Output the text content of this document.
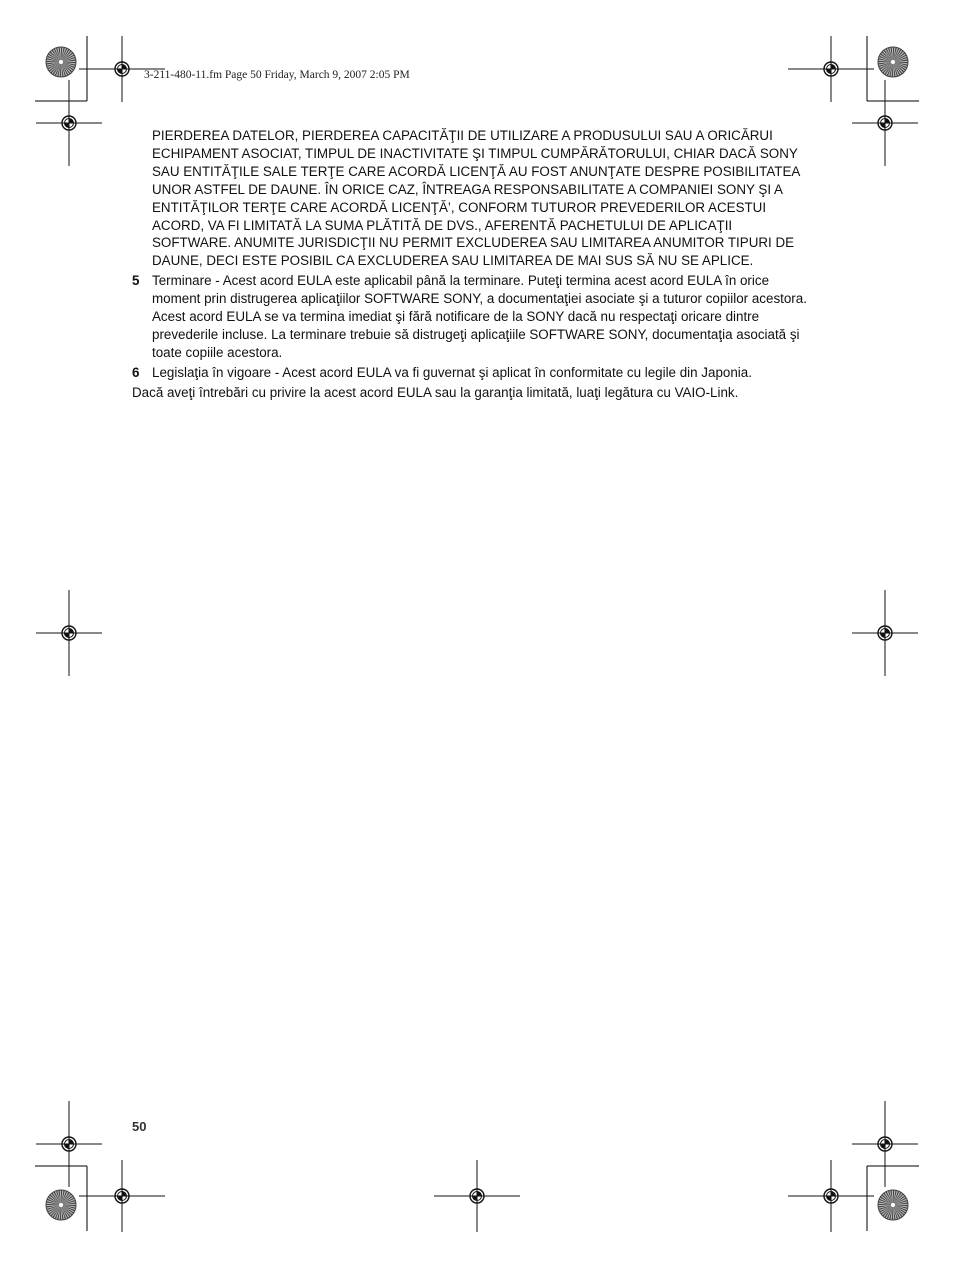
3-211-480-11.fm Page 50 Friday, March 9, 2007 2:05 PM

PIERDEREA DATELOR, PIERDEREA CAPACITĂŢII DE UTILIZARE A PRODUSULUI SAU A ORICĂRUI ECHIPAMENT ASOCIAT, TIMPUL DE INACTIVITATE ŞI TIMPUL CUMPĂRĂTORULUI, CHIAR DACĂ SONY SAU ENTITĂŢILE SALE TERŢE CARE ACORDĂ LICENŢĂ AU FOST ANUNŢATE DESPRE POSIBILITATEA UNOR ASTFEL DE DAUNE. ÎN ORICE CAZ, ÎNTREAGA RESPONSABILITATE A COMPANIEI SONY ŞI A ENTITĂŢILOR TERŢE CARE ACORDĂ LICENŢĂ’, CONFORM TUTUROR PREVEDERILOR ACESTUI ACORD, VA FI LIMITATĂ LA SUMA PLĂTITĂ DE DVS., AFERENTĂ PACHETULUI DE APLICAŢII SOFTWARE. ANUMITE JURISDICŢII NU PERMIT EXCLUDEREA SAU LIMITAREA ANUMITOR TIPURI DE DAUNE, DECI ESTE POSIBIL CA EXCLUDEREA SAU LIMITAREA DE MAI SUS SĂ NU SE APLICE.

5 Terminare - Acest acord EULA este aplicabil până la terminare. Puteţi termina acest acord EULA în orice moment prin distrugerea aplicaţiilor SOFTWARE SONY, a documentaţiei asociate şi a tuturor copiilor acestora. Acest acord EULA se va termina imediat şi fără notificare de la SONY dacă nu respectaţi oricare dintre prevederile incluse. La terminare trebuie să distrugeţi aplicaţiile SOFTWARE SONY, documentaţia asociată şi toate copiile acestora.
6 Legislaţia în vigoare - Acest acord EULA va fi guvernat şi aplicat în conformitate cu legile din Japonia.

Dacă aveţi întrebări cu privire la acest acord EULA sau la garanţia limitată, luaţi legătura cu VAIO-Link.

50
